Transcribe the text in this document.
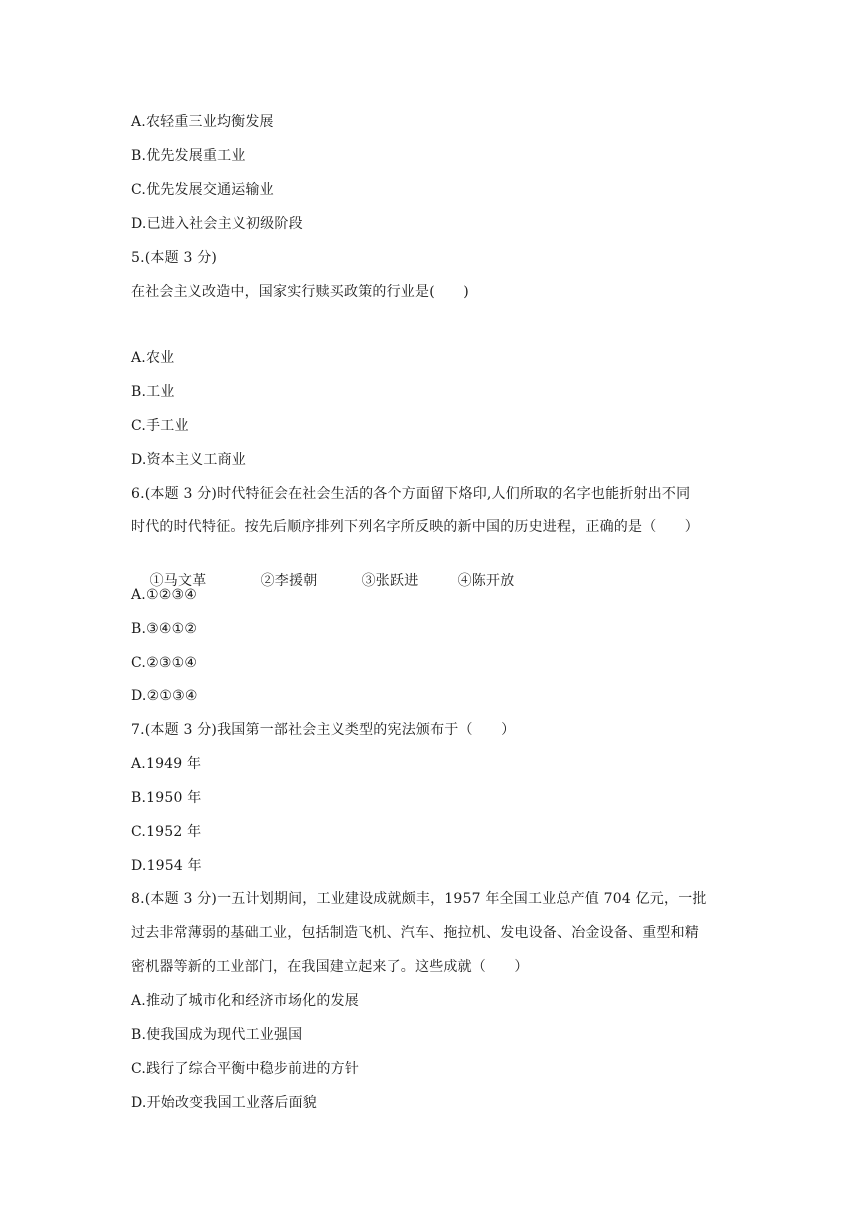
A.农轻重三业均衡发展
B.优先发展重工业
C.优先发展交通运输业
D.已进入社会主义初级阶段
5.(本题 3 分)
在社会主义改造中，国家实行赎买政策的行业是(　　)
A.农业
B.工业
C.手工业
D.资本主义工商业
6.(本题 3 分)时代特征会在社会生活的各个方面留下烙印,人们所取的名字也能折射出不同
时代的时代特征。按先后顺序排列下列名字所反映的新中国的历史进程，正确的是（　　）

①马文革	②李援朝	③张跃进	④陈开放

A.①②③④
B.③④①②
C.②③①④
D.②①③④
7.(本题 3 分)我国第一部社会主义类型的宪法颁布于（　　）
A.1949 年
B.1950 年
C.1952 年
D.1954 年
8.(本题 3 分)一五计划期间，工业建设成就颇丰，1957 年全国工业总产值 704 亿元，一批
过去非常薄弱的基础工业，包括制造飞机、汽车、拖拉机、发电设备、冶金设备、重型和精
密机器等新的工业部门，在我国建立起来了。这些成就（　　）
A.推动了城市化和经济市场化的发展
B.使我国成为现代工业强国
C.践行了综合平衡中稳步前进的方针
D.开始改变我国工业落后面貌
